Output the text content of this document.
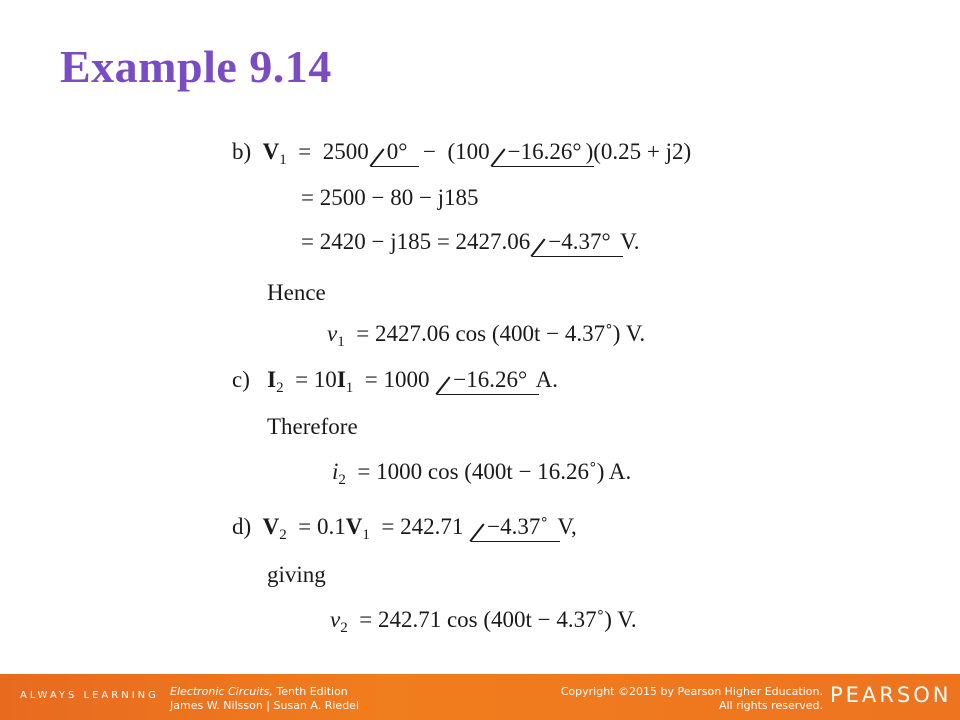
Example 9.14
b) $V_1 = 2500$ 0° − (100 −16.26° )(0.25 + j2)
= 2500 − 80 − j185
= 2420 − j185 = 2427.06 −4.37° V.
Hence
$v_1 = 2427.06$ cos (400t − 4.37˚) V.
c) $I_2 = 10I_1 = 1000 -16.26^\circ$ A.
Therefore
$i_2 = 1000$ cos (400t − 16.26˚) A.
d) $V_2 = 0.1V_1 = 242.71$ −4.37˚ V,
giving
$v_2 = 242.71$ cos (400t − 4.37˚) V.
ALWAYS LEARNING Electronic Circuits, Tenth Edition
James W. Nilsson | Susan A. Riedel
Copyright ©2015 by Pearson Higher Education.
All rights reserved. PEARSON
